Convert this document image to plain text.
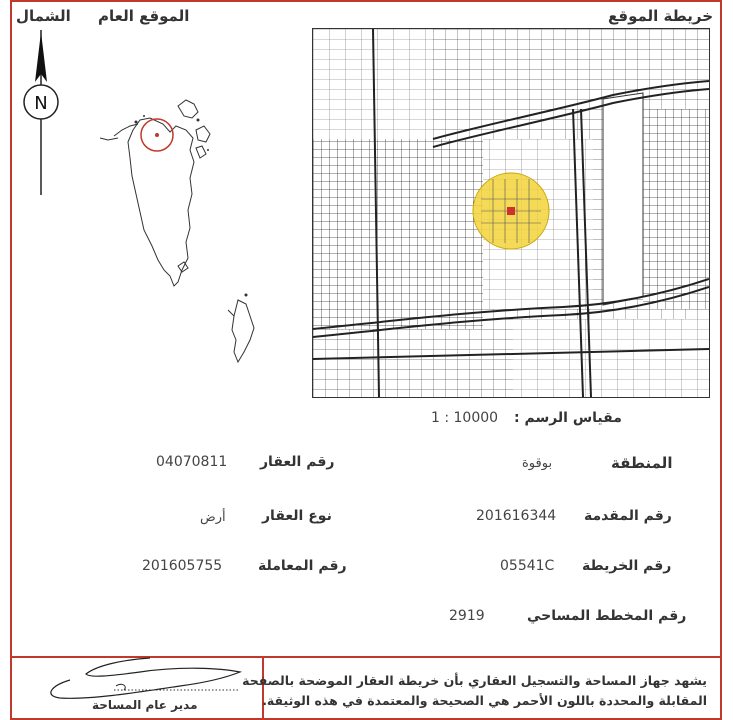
الشمال الموقع العام	خريطة الموقع
N
مقياس الرسم :
1 : 10000
المنطقة
بوقوة
رقم المقدمة
201616344
رقم الخريطة
05541C
رقم المخطط المساحي
2919
رقم العقار
04070811
نوع العقار
أرض
رقم المعاملة
201605755
يشهد جهاز المساحة والتسجيل العقاري بأن خريطة العقار الموضحة بالصفحة
المقابلة والمحددة باللون الأحمر هي الصحيحة والمعتمدة في هذه الوثيقة.
مدير عام المساحة
